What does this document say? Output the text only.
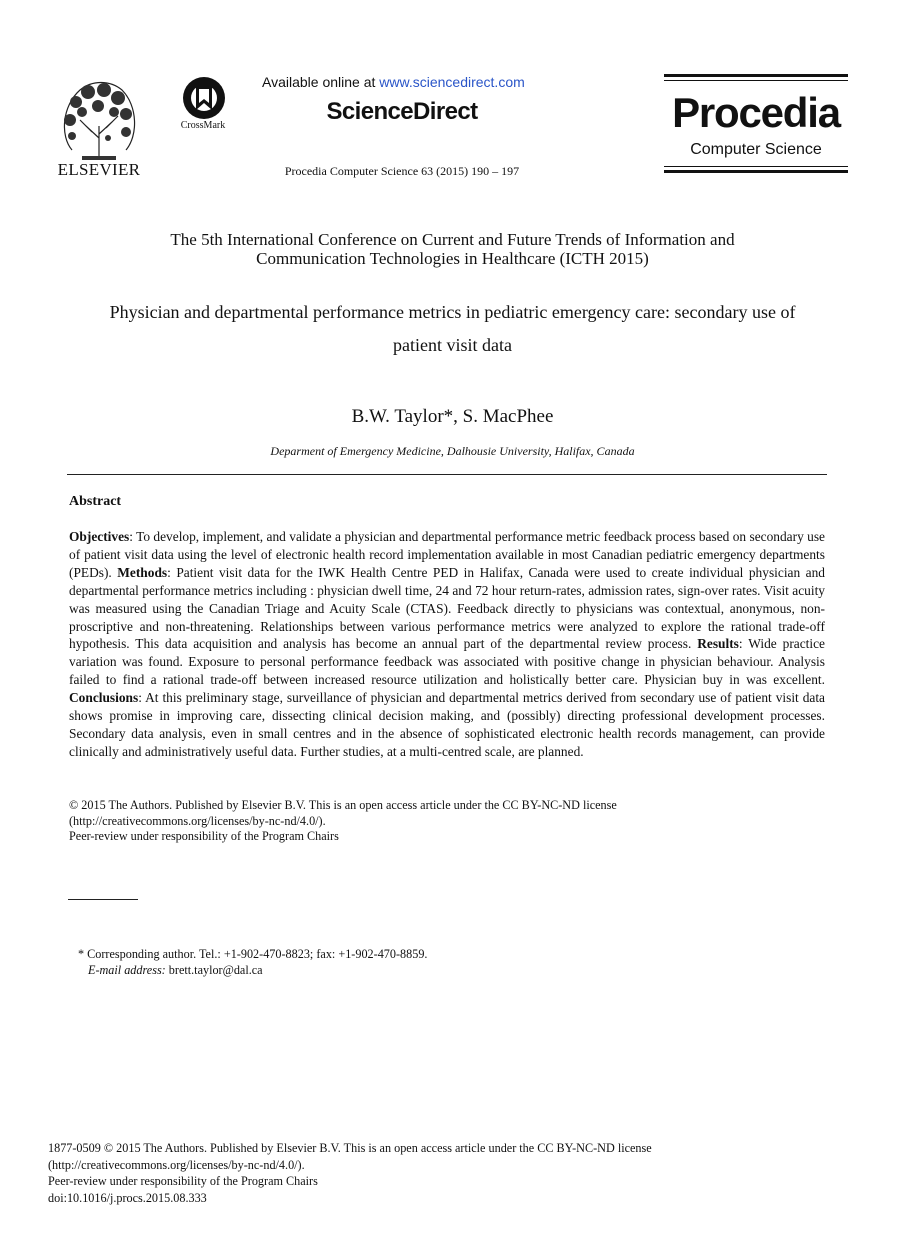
ELSEVIER
CrossMark
Available online at www.sciencedirect.com
ScienceDirect
Procedia Computer Science 63 (2015) 190 – 197
Procedia
Computer Science
The 5th International Conference on Current and Future Trends of Information and
Communication Technologies in Healthcare (ICTH 2015)
Physician and departmental performance metrics in pediatric emergency care: secondary use of
patient visit data
B.W. Taylor*, S. MacPhee
Deparment of Emergency Medicine, Dalhousie University, Halifax, Canada
Abstract
Objectives: To develop, implement, and validate a physician and departmental performance metric feedback process based on secondary use of patient visit data using the level of electronic health record implementation available in most Canadian pediatric emergency departments (PEDs). Methods: Patient visit data for the IWK Health Centre PED in Halifax, Canada were used to create individual physician and departmental performance metrics including : physician dwell time, 24 and 72 hour return-rates, admission rates, sign-over rates. Visit acuity was measured using the Canadian Triage and Acuity Scale (CTAS). Feedback directly to physicians was contextual, anonymous, non-proscriptive and non-threatening. Relationships between various performance metrics were analyzed to explore the rational trade-off hypothesis. This data acquisition and analysis has become an annual part of the departmental review process. Results: Wide practice variation was found. Exposure to personal performance feedback was associated with positive change in physician behaviour. Analysis failed to find a rational trade-off between increased resource utilization and holistically better care. Physician buy in was excellent. Conclusions: At this preliminary stage, surveillance of physician and departmental metrics derived from secondary use of patient visit data shows promise in improving care, dissecting clinical decision making, and (possibly) directing professional development processes. Secondary data analysis, even in small centres and in the absence of sophisticated electronic health records management, can provide clinically and administratively useful data. Further studies, at a multi-centred scale, are planned.
© 2015 The Authors. Published by Elsevier B.V. This is an open access article under the CC BY-NC-ND license
(http://creativecommons.org/licenses/by-nc-nd/4.0/).
Peer-review under responsibility of the Program Chairs
* Corresponding author. Tel.: +1-902-470-8823; fax: +1-902-470-8859.
E-mail address: brett.taylor@dal.ca
1877-0509 © 2015 The Authors. Published by Elsevier B.V. This is an open access article under the CC BY-NC-ND license
(http://creativecommons.org/licenses/by-nc-nd/4.0/).
Peer-review under responsibility of the Program Chairs
doi:10.1016/j.procs.2015.08.333
